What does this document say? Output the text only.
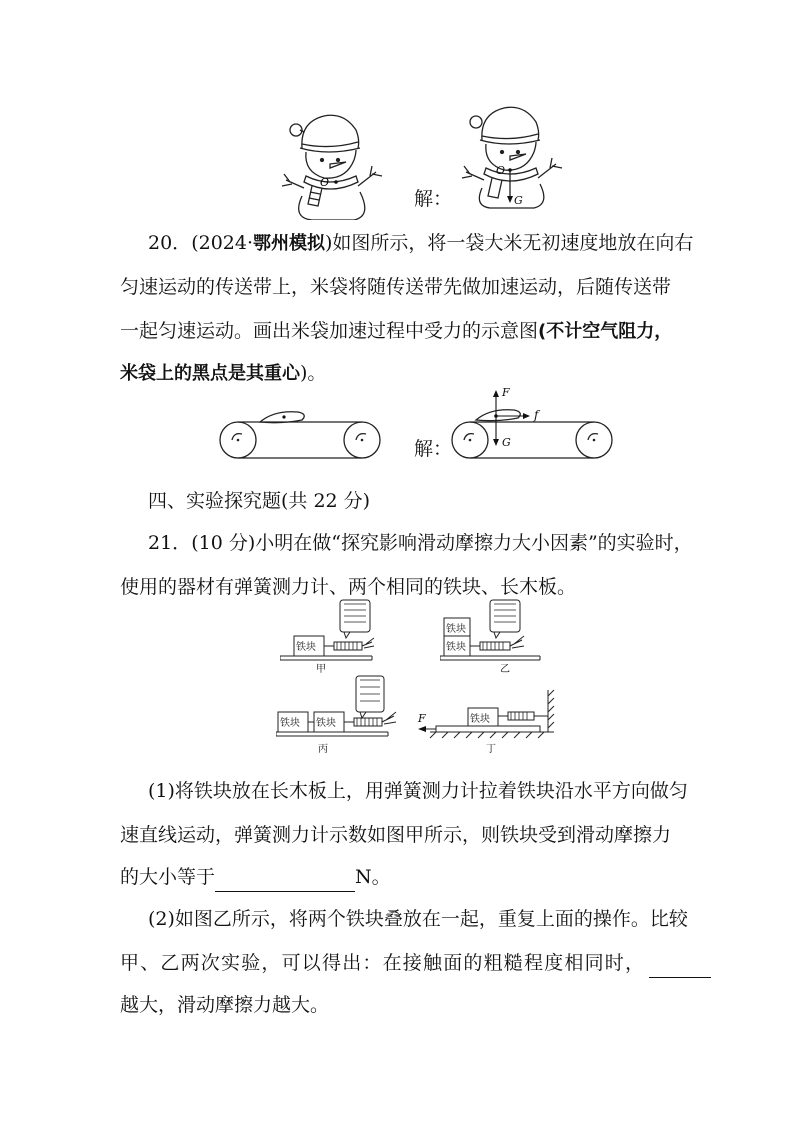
O
解：
O
G
20．(2024·鄂州模拟)如图所示，将一袋大米无初速度地放在向右
匀速运动的传送带上，米袋将随传送带先做加速运动，后随传送带
一起匀速运动。画出米袋加速过程中受力的示意图(不计空气阻力，
米袋上的黑点是其重心)。
解：
F
f
G
四、实验探究题(共 22 分)
21．(10 分)小明在做“探究影响滑动摩擦力大小因素”的实验时，
使用的器材有弹簧测力计、两个相同的铁块、长木板。
铁块
甲
铁块
铁块
乙
铁块 铁块
丙
F	铁块
丁
(1)将铁块放在长木板上，用弹簧测力计拉着铁块沿水平方向做匀
速直线运动，弹簧测力计示数如图甲所示，则铁块受到滑动摩擦力
的大小等于	N。
(2)如图乙所示，将两个铁块叠放在一起，重复上面的操作。比较
甲、乙两次实验，可以得出：在接触面的粗糙程度相同时，
越大，滑动摩擦力越大。
